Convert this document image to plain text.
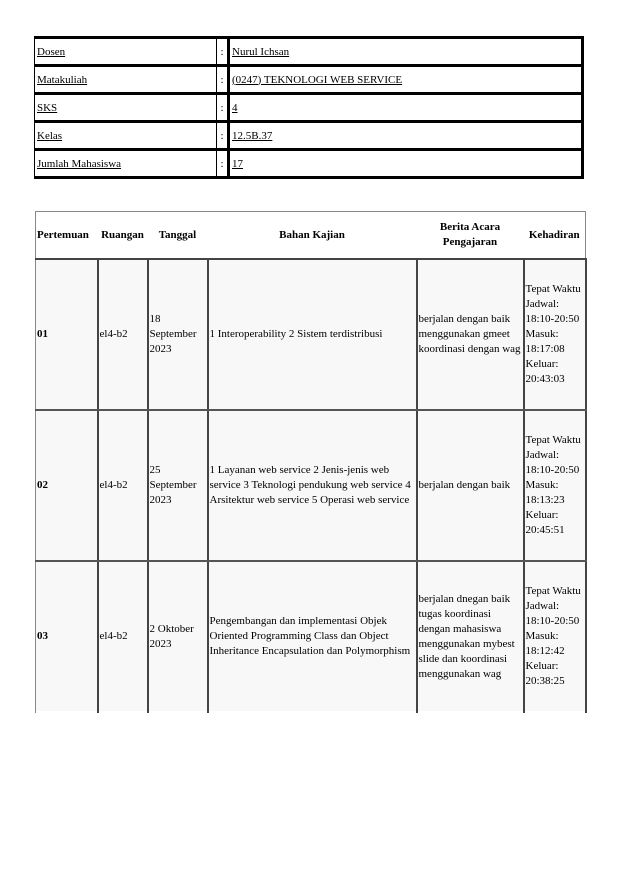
Dosen	:	Nurul Ichsan
Matakuliah	:	(0247) TEKNOLOGI WEB SERVICE
SKS	:	4
Kelas	:	12.5B.37
Jumlah Mahasiswa	:	17
Pertemuan	Ruangan	Tanggal	Bahan Kajian	Berita Acara Pengajaran	Kehadiran
01	el4-b2	18 September 2023	1 Interoperability 2 Sistem terdistribusi	berjalan dengan baik menggunakan gmeet koordinasi dengan wag	Tepat Waktu Jadwal: 18:10-20:50 Masuk: 18:17:08 Keluar: 20:43:03
02	el4-b2	25 September 2023	1 Layanan web service 2 Jenis-jenis web service 3 Teknologi pendukung web service 4 Arsitektur web service 5 Operasi web service	berjalan dengan baik	Tepat Waktu Jadwal: 18:10-20:50 Masuk: 18:13:23 Keluar: 20:45:51
03	el4-b2	2 Oktober 2023	Pengembangan dan implementasi Objek Oriented Programming Class dan Object Inheritance Encapsulation dan Polymorphism	berjalan dnegan baik tugas koordinasi dengan mahasiswa menggunakan mybest slide dan koordinasi menggunakan wag	Tepat Waktu Jadwal: 18:10-20:50 Masuk: 18:12:42 Keluar: 20:38:25
